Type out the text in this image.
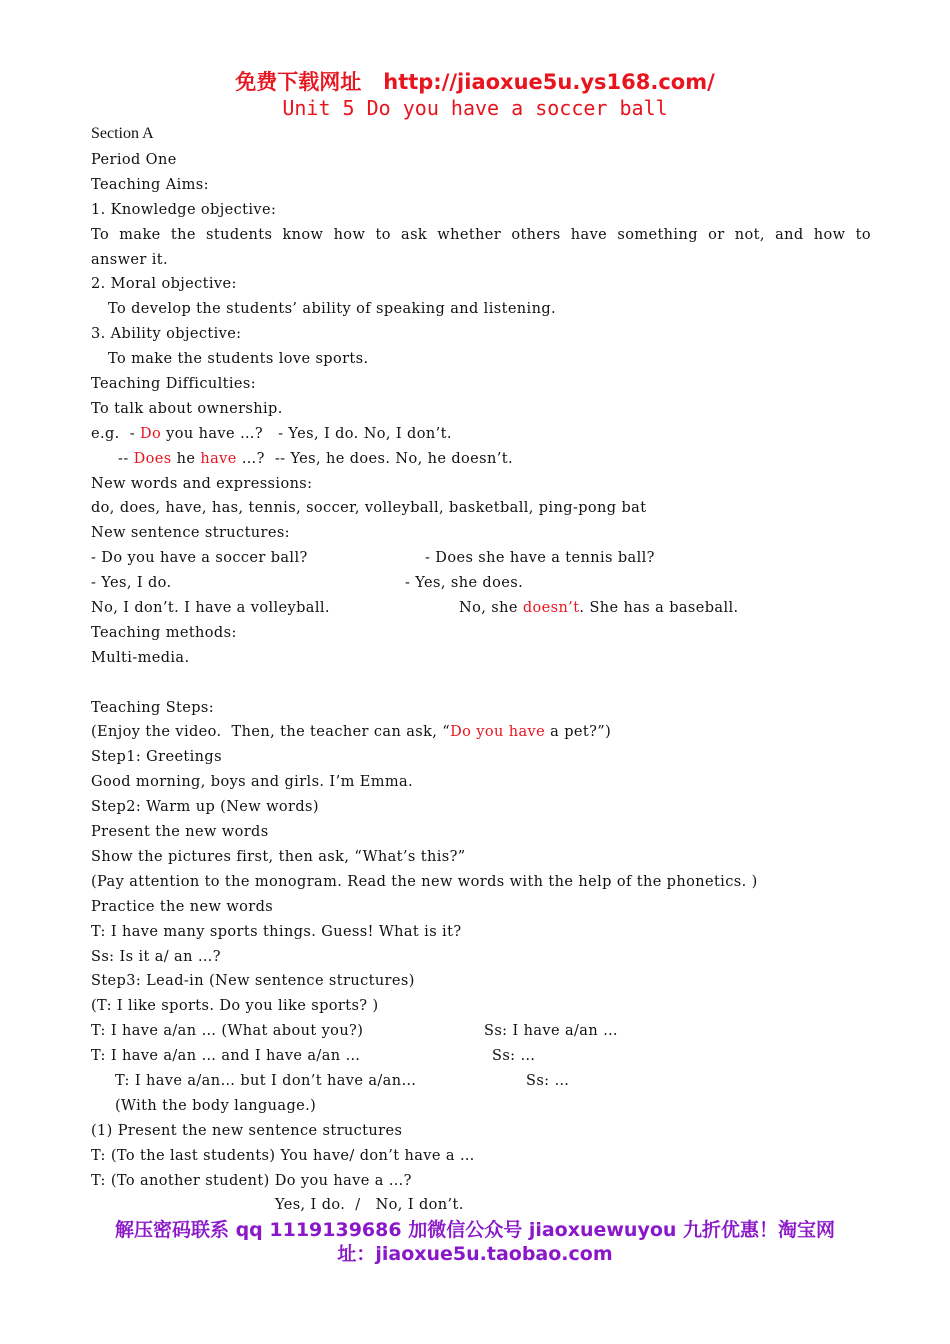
免费下载网址 http://jiaoxue5u.ys168.com/
Unit 5 Do you have a soccer ball
Section A
Period One
Teaching Aims:
1. Knowledge objective:
To make the students know how to ask whether others have something or not, and how to
answer it.
2. Moral objective:
To develop the students’ ability of speaking and listening.
3. Ability objective:
To make the students love sports.
Teaching Difficulties:
To talk about ownership.
e.g.  - Do you have …?   - Yes, I do. No, I don’t.
-- Does he have …?  -- Yes, he does. No, he doesn’t.
New words and expressions:
do, does, have, has, tennis, soccer, volleyball, basketball, ping-pong bat
New sentence structures:
- Do you have a soccer ball?	- Does she have a tennis ball?
- Yes, I do.	- Yes, she does.
No, I don’t. I have a volleyball.	No, she doesn’t. She has a baseball.
Teaching methods:
Multi-media.
Teaching Steps:
(Enjoy the video.  Then, the teacher can ask, “Do you have a pet?”)
Step1: Greetings
Good morning, boys and girls. I’m Emma.
Step2: Warm up (New words)
Present the new words
Show the pictures first, then ask, “What’s this?”
(Pay attention to the monogram. Read the new words with the help of the phonetics. )
Practice the new words
T: I have many sports things. Guess! What is it?
Ss: Is it a/ an …?
Step3: Lead-in (New sentence structures)
(T: I like sports. Do you like sports? )
T: I have a/an … (What about you?)	Ss: I have a/an …
T: I have a/an … and I have a/an …	Ss: …
T: I have a/an… but I don’t have a/an…	Ss: …
(With the body language.)
(1) Present the new sentence structures
T: (To the last students) You have/ don’t have a …
T: (To another student) Do you have a …?
Yes, I do.  /   No, I don’t.
解压密码联系 qq 1119139686 加微信公众号 jiaoxuewuyou 九折优惠！淘宝网
址：jiaoxue5u.taobao.com
